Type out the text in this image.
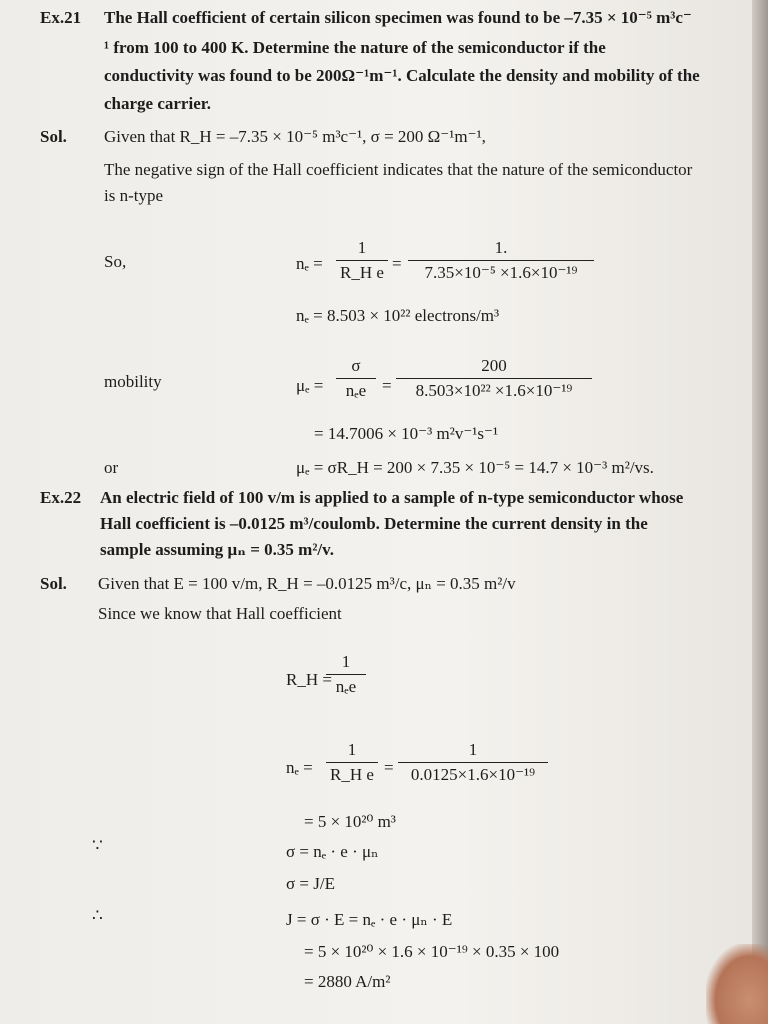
Ex.21 The Hall coefficient of certain silicon specimen was found to be –7.35 × 10⁻⁵ m³c⁻
¹ from 100 to 400 K. Determine the nature of the semiconductor if the
conductivity was found to be 200Ω⁻¹m⁻¹. Calculate the density and mobility of the
charge carrier.
Sol. Given that R_H = –7.35 × 10⁻⁵ m³c⁻¹, σ = 200 Ω⁻¹m⁻¹,
The negative sign of the Hall coefficient indicates that the nature of the semiconductor
is n-type
So,	nₑ =
1
R_H e =
1.
7.35×10⁻⁵ ×1.6×10⁻¹⁹
nₑ = 8.503 × 10²² electrons/m³
mobility	μₑ =
σ
nₑe =
200
8.503×10²² ×1.6×10⁻¹⁹
= 14.7006 × 10⁻³ m²v⁻¹s⁻¹
or	μₑ = σR_H = 200 × 7.35 × 10⁻⁵ = 14.7 × 10⁻³ m²/vs.
Ex.22 An electric field of 100 v/m is applied to a sample of n-type semiconductor whose
Hall coefficient is –0.0125 m³/coulomb. Determine the current density in the
sample assuming μₙ = 0.35 m²/v.
Sol. Given that E = 100 v/m, R_H = –0.0125 m³/c, μₙ = 0.35 m²/v
Since we know that Hall coefficient
R_H =
1
nₑe
nₑ =
1
R_H e =
1
0.0125×1.6×10⁻¹⁹
= 5 × 10²⁰ m³
∵	σ = nₑ · e · μₙ
σ = J/E
∴	J = σ · E = nₑ · e · μₙ · E
= 5 × 10²⁰ × 1.6 × 10⁻¹⁹ × 0.35 × 100
= 2880 A/m²
